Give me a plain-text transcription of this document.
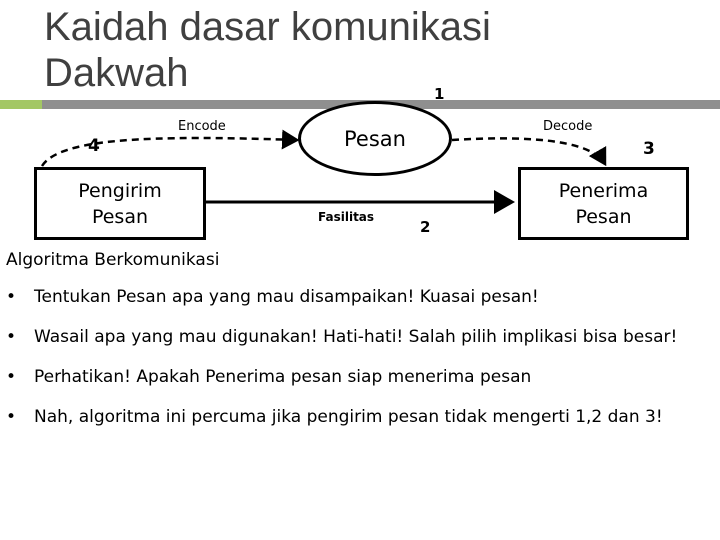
Kaidah dasar komunikasi
Dakwah
Pesan
Pengirim
Pesan
Penerima
Pesan
Encode	Decode
Fasilitas
1
2
3
4
Algoritma Berkomunikasi
• Tentukan Pesan apa yang mau disampaikan! Kuasai pesan!
• Wasail apa yang mau digunakan! Hati-hati! Salah pilih implikasi bisa besar!
• Perhatikan! Apakah Penerima pesan siap menerima pesan
• Nah, algoritma ini percuma jika pengirim pesan tidak mengerti 1,2 dan 3!
